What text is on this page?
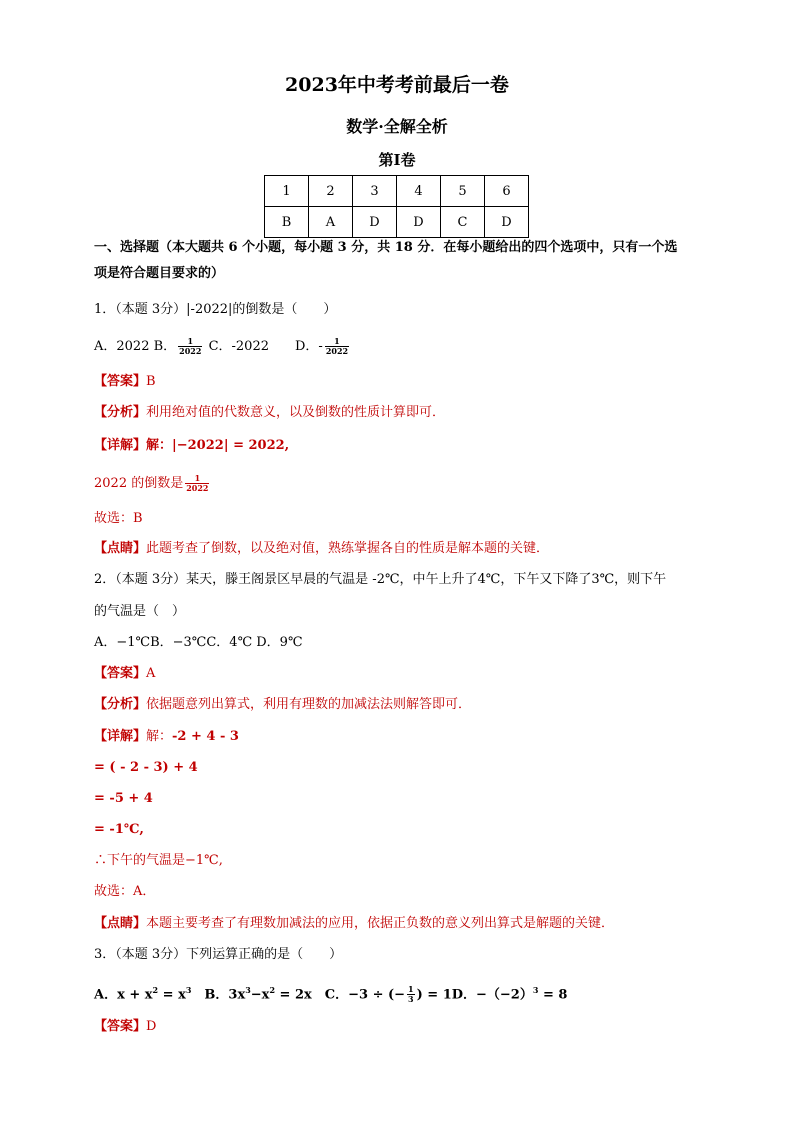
2023年中考考前最后一卷
数学·全解全析
第Ⅰ卷
1	2	3	4	5	6
B	A	D	D	C	D
一、选择题（本大题共 6 个小题，每小题 3 分，共 18 分．在每小题给出的四个选项中，只有一个选
项是符合题目要求的）
1．（本题 3分）|-2022|的倒数是（　　）
A．2022 B． $\frac{1}{2022}$ C．-2022　　D．- $\frac{1}{2022}$
【答案】B
【分析】利用绝对值的代数意义，以及倒数的性质计算即可．
【详解】解：|−2022| = 2022,
2022 的倒数是 $\frac{1}{2022}$
故选：B
【点睛】此题考查了倒数，以及绝对值，熟练掌握各自的性质是解本题的关键．
2．（本题 3分）某天，滕王阁景区早晨的气温是 -2℃，中午上升了4℃，下午又下降了3℃，则下午
的气温是（　）
A．−1℃B．−3℃C．4℃ D．9℃
【答案】A
【分析】依据题意列出算式，利用有理数的加减法法则解答即可．
【详解】解：-2 + 4 - 3
= ( - 2 - 3) + 4
= -5 + 4
= -1℃,
∴下午的气温是−1℃,
故选：A．
【点睛】本题主要考查了有理数加减法的应用，依据正负数的意义列出算式是解题的关键．
3．（本题 3分）下列运算正确的是（　　）
A．$x + x^2 = x^3$　B．$3x^3-x^2 = 2x$　C．−3 ÷ (− $\frac{1}{3}$ ) = 1D．$-(-2)^3 = 8$
【答案】D
